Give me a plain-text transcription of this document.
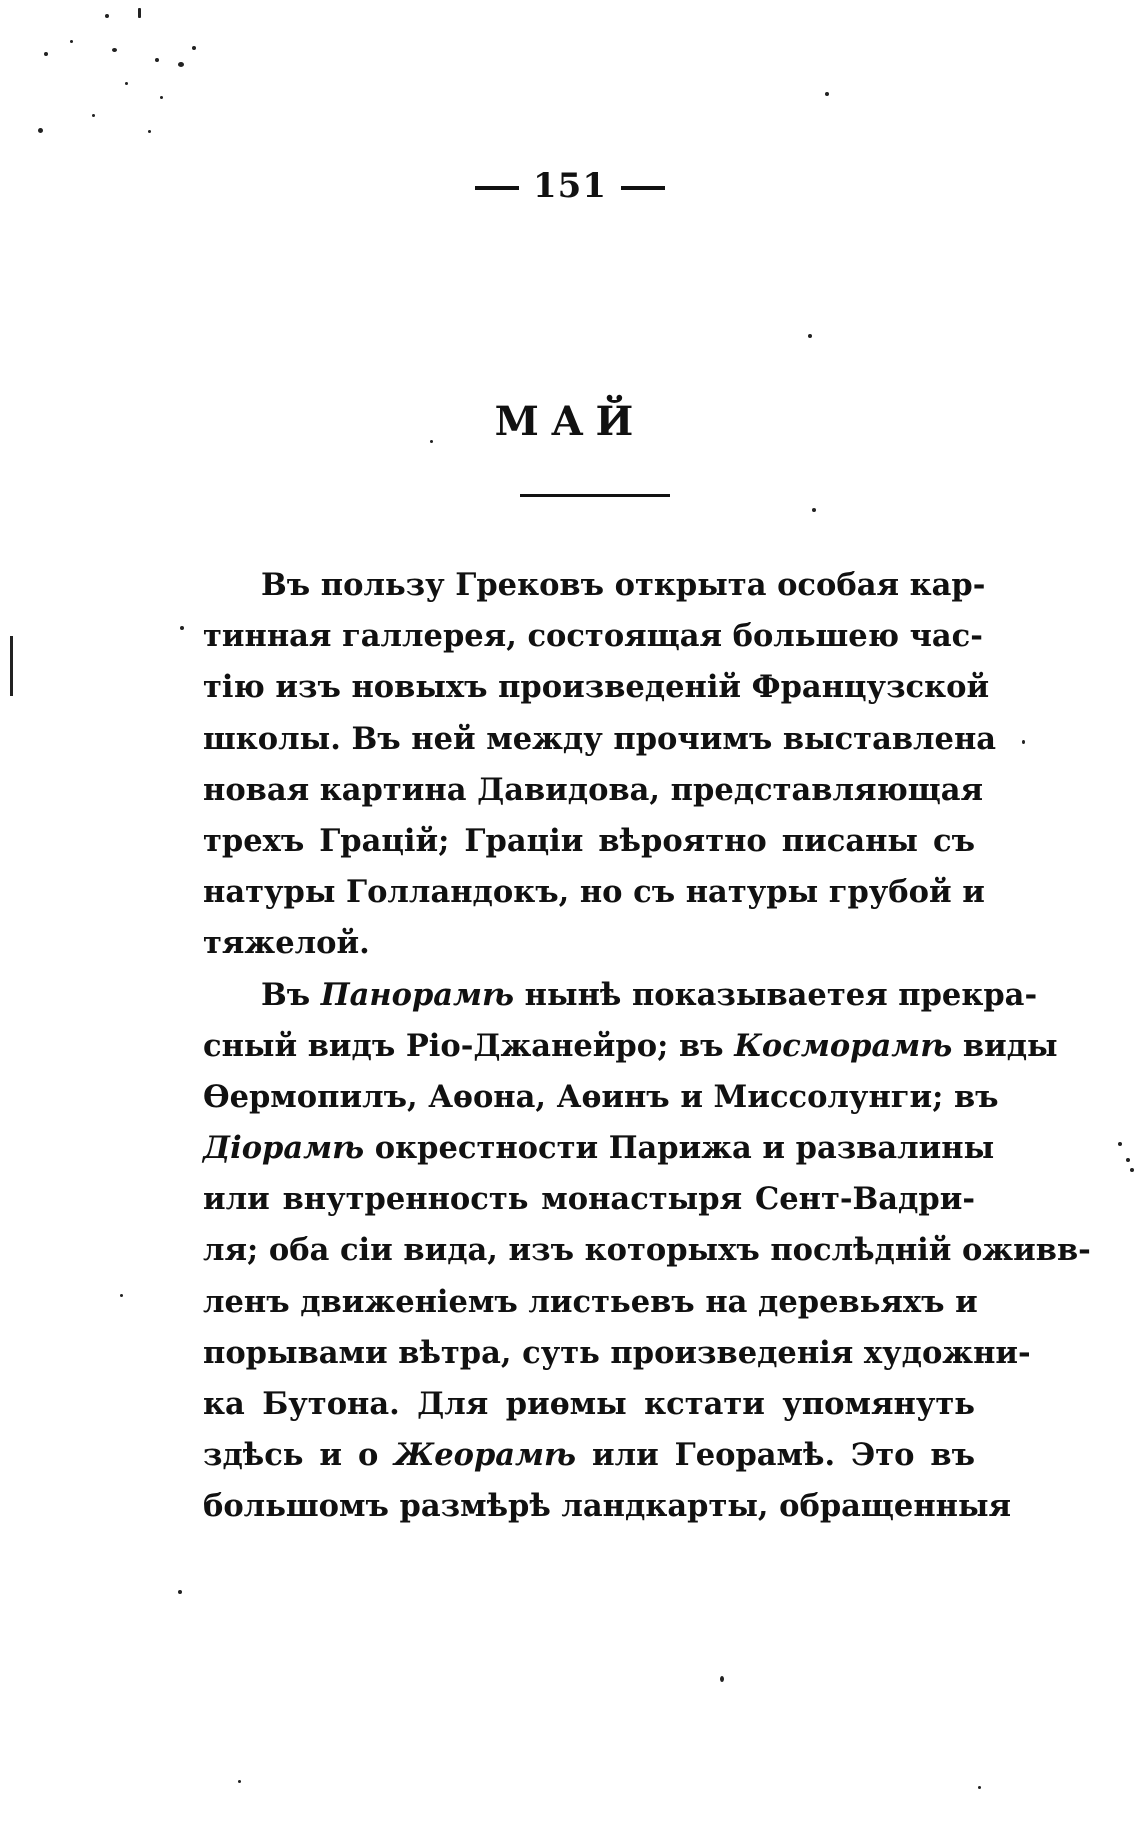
151
МАЙ
Въ пользу Грековъ открыта особая кар-
тинная галлерея, состоящая большею час-
тію изъ новыхъ произведеній Французской
школы. Въ ней между прочимъ выставлена
новая картина Давидова, представляющая
трехъ Грацій; Граціи вѣроятно писаны съ
натуры Голландокъ, но съ натуры грубой и
тяжелой.
Въ Панорамѣ нынѣ показываетея прекра-
сный видъ Ріо-Джанейро; въ Косморамѣ виды
Ѳермопилъ, Аѳона, Аѳинъ и Миссолунги; въ
Діорамѣ окрестности Парижа и развалины
или внутренность монастыря Сент-Вадри-
ля; оба сіи вида, изъ которыхъ послѣдній оживв-
ленъ движеніемъ листьевъ на деревьяхъ и
порывами вѣтра, суть произведенія художни-
ка Бутона. Для риѳмы кстати упомянуть
здѣсь и о Жеорамѣ или Георамѣ. Это въ
большомъ размѣрѣ ландкарты, обращенныя
